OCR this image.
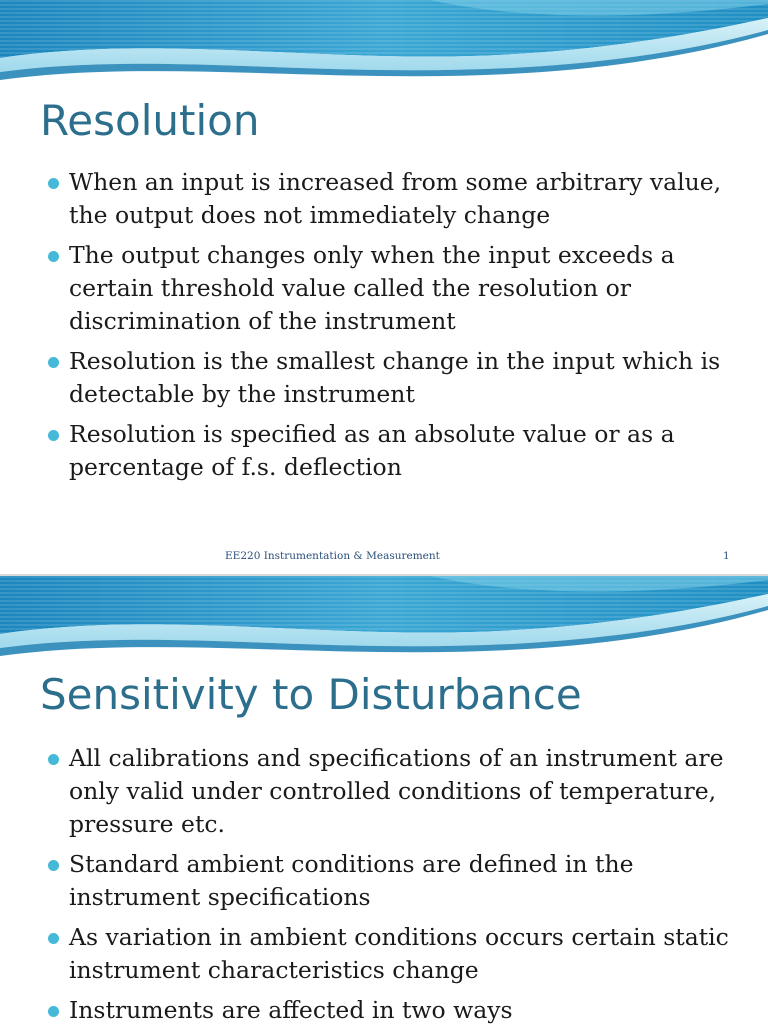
Resolution
When an input is increased from some arbitrary value, the output does not immediately change
The output changes only when the input exceeds a certain threshold value called the resolution or discrimination of the instrument
Resolution is the smallest change in the input which is detectable by the instrument
Resolution is specified as an absolute value or as a percentage of f.s. deflection
EE220 Instrumentation & Measurement	1
Sensitivity to Disturbance
All calibrations and specifications of an instrument are only valid under controlled conditions of temperature, pressure etc.
Standard ambient conditions are defined in the instrument specifications
As variation in ambient conditions occurs certain static instrument characteristics change
Instruments are affected in two ways
